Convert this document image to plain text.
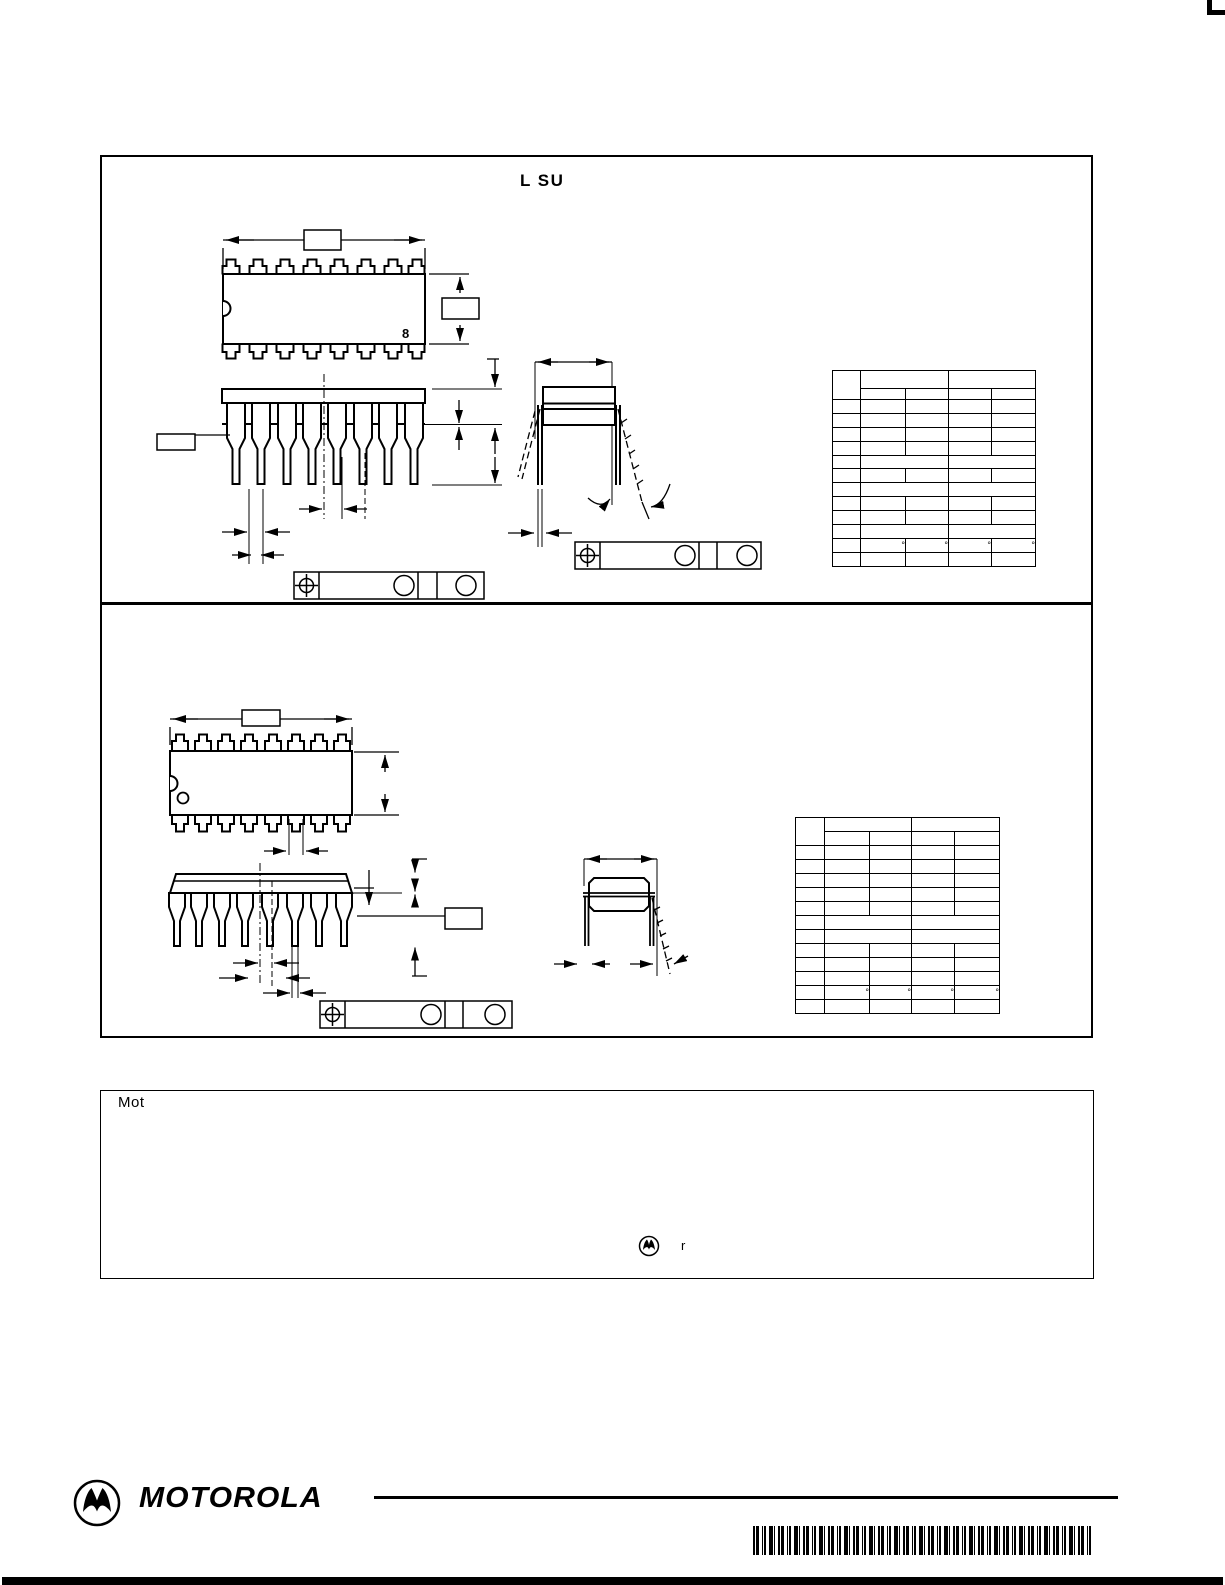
L SU
8

	°	°	°	°

	°	°	°	°

Mot
r
MOTOROLA
